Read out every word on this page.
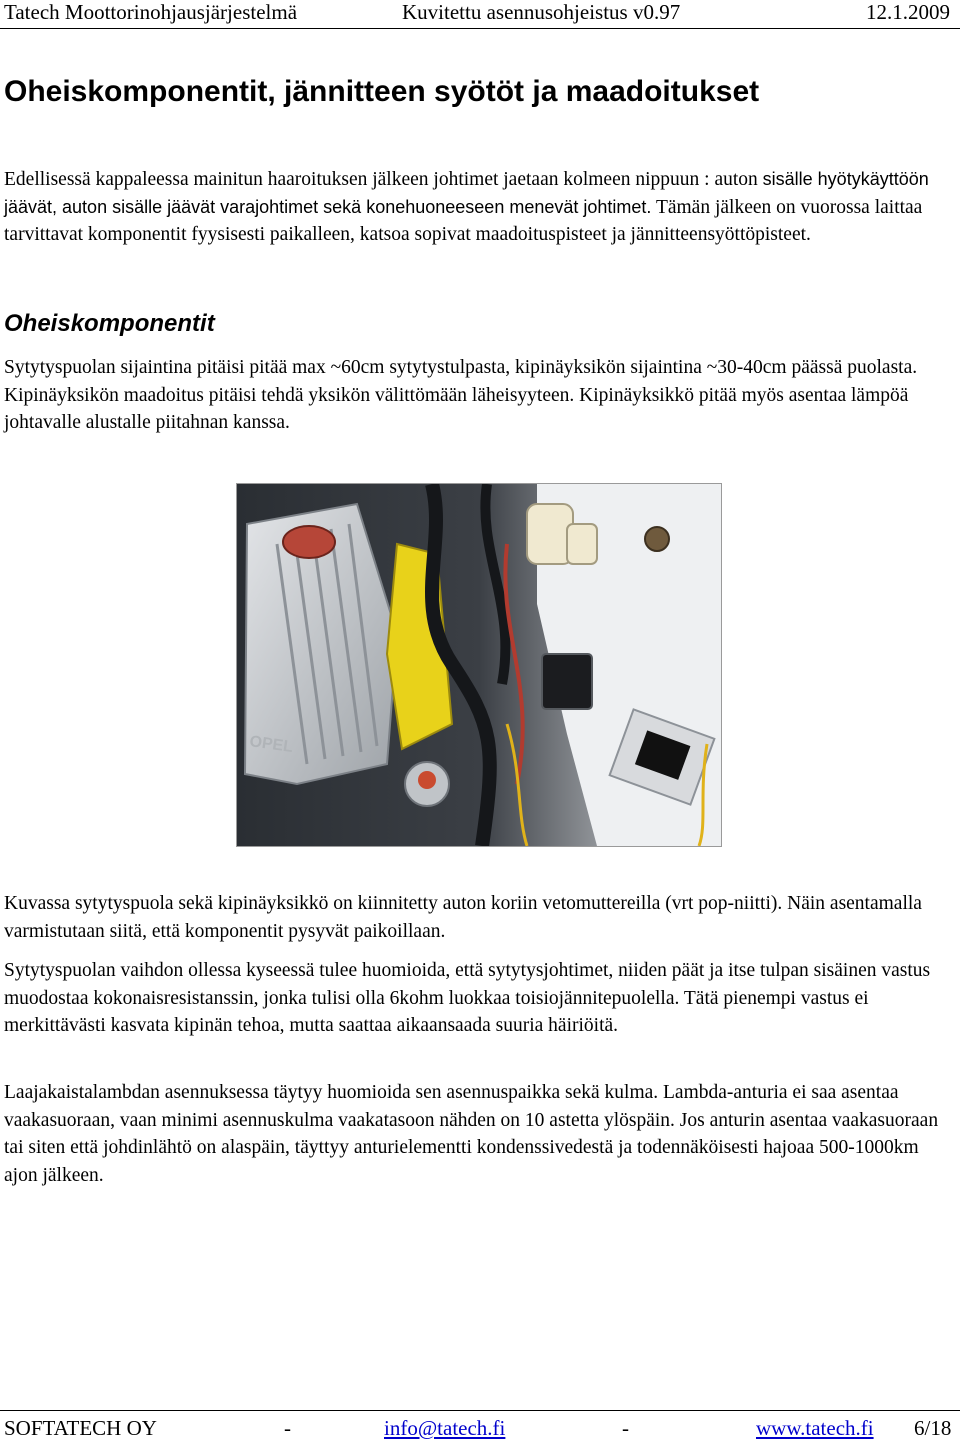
Tatech Moottorinohjausjärjestelmä	Kuvitettu asennusohjeistus v0.97	12.1.2009
Oheiskomponentit, jännitteen syötöt ja maadoitukset
Edellisessä kappaleessa mainitun haaroituksen jälkeen johtimet jaetaan kolmeen nippuun : auton sisälle hyötykäyttöön jäävät, auton sisälle jäävät varajohtimet sekä konehuoneeseen menevät johtimet. Tämän jälkeen on vuorossa laittaa tarvittavat komponentit fyysisesti paikalleen, katsoa sopivat maadoituspisteet ja jännitteensyöttöpisteet.
Oheiskomponentit

Sytytyspuolan sijaintina pitäisi pitää max ~60cm sytytystulpasta, kipinäyksikön sijaintina ~30-40cm päässä puolasta. Kipinäyksikön maadoitus pitäisi tehdä yksikön välittömään läheisyyteen. Kipinäyksikkö pitää myös asentaa lämpöä johtavalle alustalle piitahnan kanssa.

OPEL

Kuvassa sytytyspuola sekä kipinäyksikkö on kiinnitetty auton koriin vetomuttereilla (vrt pop-niitti). Näin asentamalla varmistutaan siitä, että komponentit pysyvät paikoillaan.

Sytytyspuolan vaihdon ollessa kyseessä tulee huomioida, että sytytysjohtimet, niiden päät ja itse tulpan sisäinen vastus muodostaa kokonaisresistanssin, jonka tulisi olla 6kohm luokkaa toisiojännitepuolella. Tätä pienempi vastus ei merkittävästi kasvata kipinän tehoa, mutta saattaa aikaansaada suuria häiriöitä.

Laajakaistalambdan asennuksessa täytyy huomioida sen asennuspaikka sekä kulma. Lambda-anturia ei saa asentaa vaakasuoraan, vaan minimi asennuskulma vaakatasoon nähden on 10 astetta ylöspäin. Jos anturin asentaa vaakasuoraan tai siten että johdinlähtö on alaspäin, täyttyy anturielementti kondenssivedestä ja todennäköisesti hajoaa 500-1000km ajon jälkeen.

SOFTATECH OY	-	info@tatech.fi	-	www.tatech.fi 6/18
